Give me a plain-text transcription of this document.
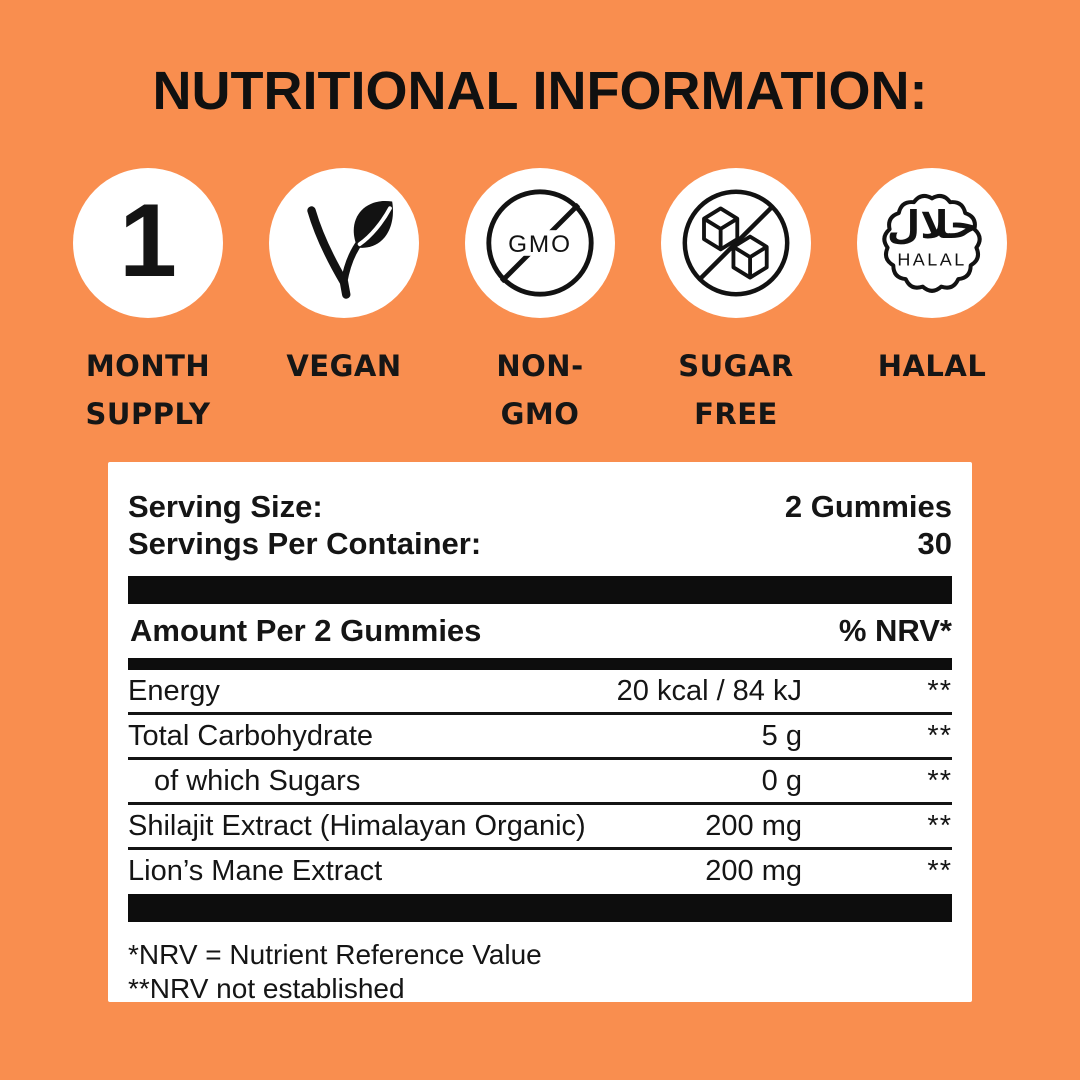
NUTRITIONAL INFORMATION:
1
MONTH
SUPPLY
VEGAN
GMO
NON-
GMO
SUGAR
FREE
حلال
HALAL
HALAL
Serving Size:	2 Gummies
Servings Per Container:	30
Amount Per 2 Gummies	% NRV*
Energy	20 kcal / 84 kJ	**
Total Carbohydrate	5 g	**
of which Sugars	0 g	**
Shilajit Extract (Himalayan Organic)	200 mg	**
Lion’s Mane Extract	200 mg	**
*NRV = Nutrient Reference Value
**NRV not established
